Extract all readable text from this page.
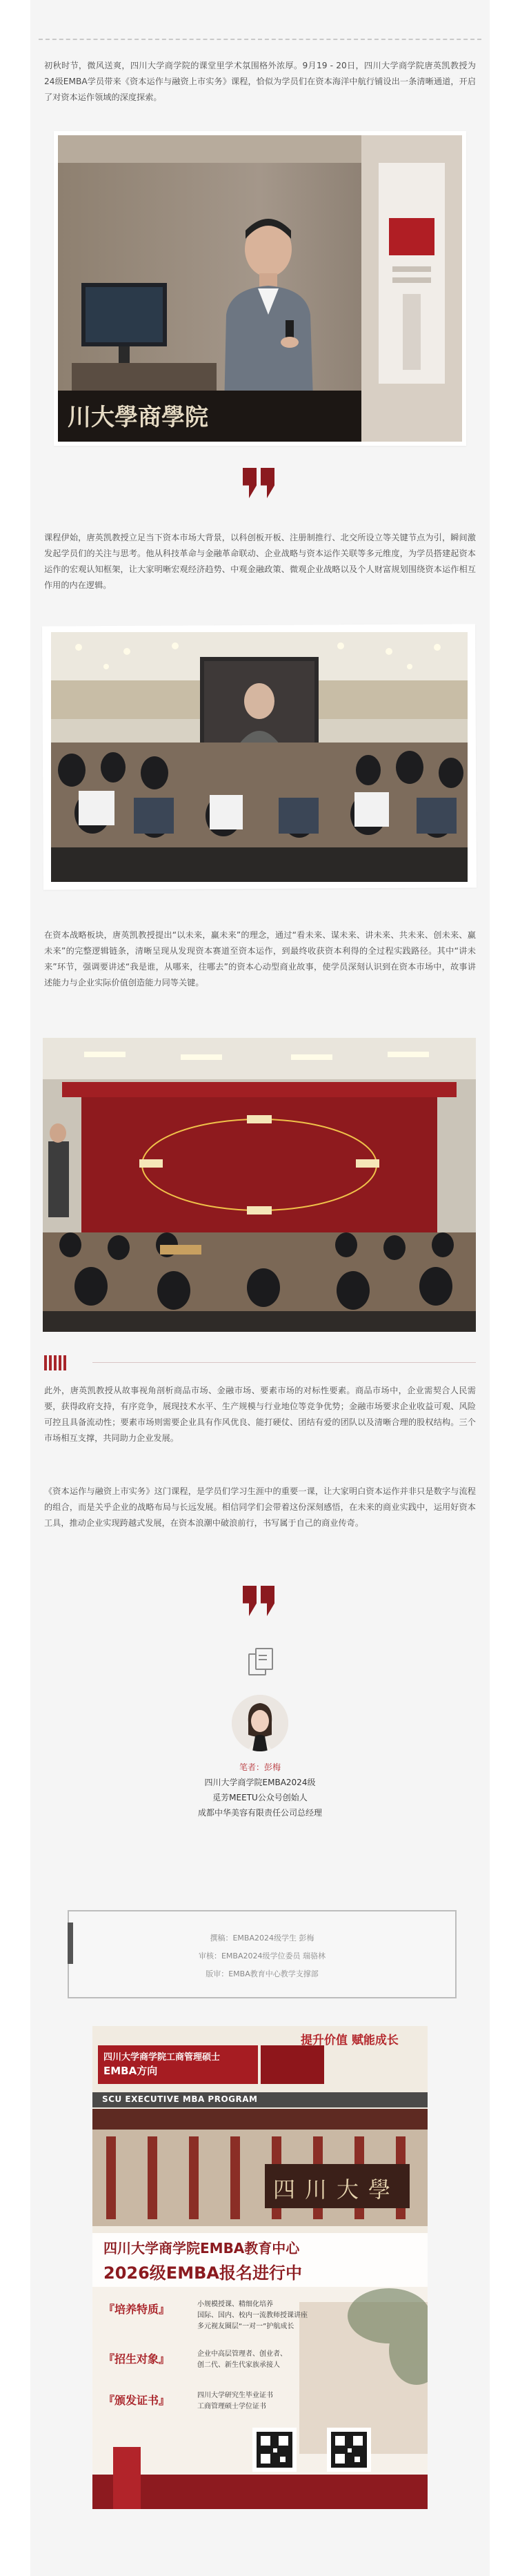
初秋时节，微风送爽，四川大学商学院的课堂里学术氛围格外浓厚。9月19 - 20日，四川大学商学院唐英凯教授为24级EMBA学员带来《资本运作与融资上市实务》课程，恰似为学员们在资本海洋中航行铺设出一条清晰通道，开启了对资本运作领域的深度探索。

川大學商學院

课程伊始，唐英凯教授立足当下资本市场大背景，以科创板开板、注册制推行、北交所设立等关键节点为引，瞬间激发起学员们的关注与思考。他从科技革命与金融革命联动、企业战略与资本运作关联等多元维度，为学员搭建起资本运作的宏观认知框架，让大家明晰宏观经济趋势、中观金融政策、微观企业战略以及个人财富规划围绕资本运作相互作用的内在逻辑。

在资本战略板块，唐英凯教授提出“以未来，赢未来”的理念，通过“看未来、谋未来、讲未来、共未来、创未来、赢未来”的完整逻辑链条，清晰呈现从发现资本赛道至资本运作，到最终收获资本利得的全过程实践路径。其中“讲未来”环节，强调要讲述“我是谁，从哪来，往哪去”的资本心动型商业故事，使学员深刻认识到在资本市场中，故事讲述能力与企业实际价值创造能力同等关键。

此外，唐英凯教授从故事视角剖析商品市场、金融市场、要素市场的对标性要素。商品市场中，企业需契合人民需要，获得政府支持，有序竞争，展现技术水平、生产规模与行业地位等竞争优势；金融市场要求企业收益可观、风险可控且具备流动性；要素市场则需要企业具有作风优良、能打硬仗、团结有爱的团队以及清晰合理的股权结构。三个市场相互支撑，共同助力企业发展。

《资本运作与融资上市实务》这门课程，是学员们学习生涯中的重要一课，让大家明白资本运作并非只是数字与流程的组合，而是关乎企业的战略布局与长远发展。相信同学们会带着这份深刻感悟，在未来的商业实践中，运用好资本工具，推动企业实现跨越式发展，在资本浪潮中破浪前行，书写属于自己的商业传奇。

笔者：彭梅

四川大学商学院EMBA2024级

觅芳MEETU公众号创始人

成都中华美容有限责任公司总经理

撰稿：EMBA2024级学生 彭梅

审核：EMBA2024级学位委员 瑞骆林

版审：EMBA教育中心教学支撑部

提升价值 赋能成长
四川大学商学院工商管理硕士
EMBA方向
SCU EXECUTIVE MBA PROGRAM
四川大學
四川大学商学院EMBA教育中心
2026级EMBA报名进行中
『培养特质』	小规模授课、精细化培养
国际、国内、校内一流教师授课讲座
多元视友圈层“一对一”护航成长
『招生对象』	企业中高层管理者、创业者、
创二代、新生代家族承接人
『颁发证书』	四川大学研究生毕业证书
工商管理硕士学位证书
